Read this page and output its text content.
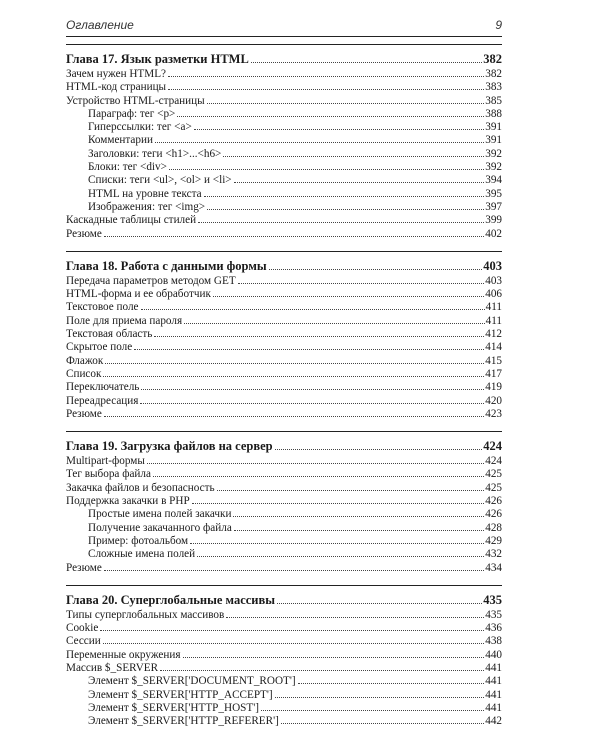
Оглавление	9
Глава 17. Язык разметки HTML	382
Зачем нужен HTML?	382
HTML-код страницы	383
Устройство HTML-страницы	385
Параграф: тег <p>	388
Гиперссылки: тег <a>	391
Комментарии	391
Заголовки: теги <h1>...<h6>	392
Блоки: тег <div>	392
Списки: теги <ul>, <ol> и <li>	394
HTML на уровне текста	395
Изображения: тег <img>	397
Каскадные таблицы стилей	399
Резюме	402
Глава 18. Работа с данными формы	403
Передача параметров методом GET	403
HTML-форма и ее обработчик	406
Текстовое поле	411
Поле для приема пароля	411
Текстовая область	412
Скрытое поле	414
Флажок	415
Список	417
Переключатель	419
Переадресация	420
Резюме	423
Глава 19. Загрузка файлов на сервер	424
Multipart-формы	424
Тег выбора файла	425
Закачка файлов и безопасность	425
Поддержка закачки в PHP	426
Простые имена полей закачки	426
Получение закачанного файла	428
Пример: фотоальбом	429
Сложные имена полей	432
Резюме	434
Глава 20. Суперглобальные массивы	435
Типы суперглобальных массивов	435
Cookie	436
Сессии	438
Переменные окружения	440
Массив $_SERVER	441
Элемент $_SERVER['DOCUMENT_ROOT']	441
Элемент $_SERVER['HTTP_ACCEPT']	441
Элемент $_SERVER['HTTP_HOST']	441
Элемент $_SERVER['HTTP_REFERER']	442
